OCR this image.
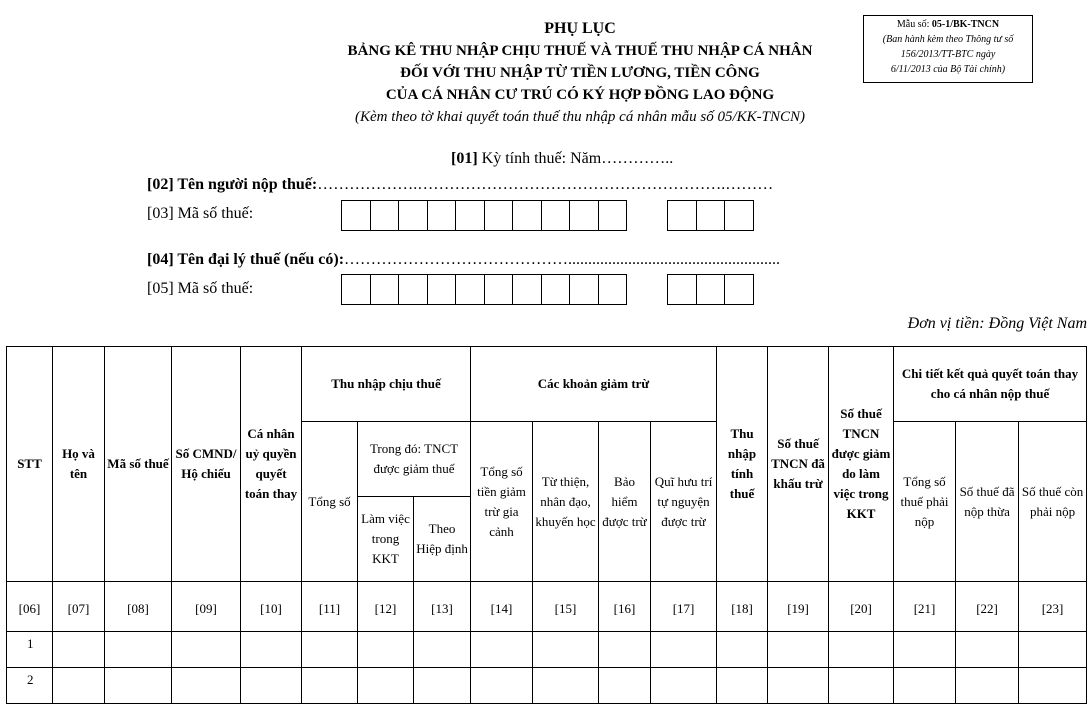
Mẫu số: 05-1/BK-TNCN
(Ban hành kèm theo Thông tư số
156/2013/TT-BTC ngày
6/11/2013 của Bộ Tài chính)
PHỤ LỤC
BẢNG KÊ THU NHẬP CHỊU THUẾ VÀ THUẾ THU NHẬP CÁ NHÂN
ĐỐI VỚI THU NHẬP TỪ TIỀN LƯƠNG, TIỀN CÔNG
CỦA CÁ NHÂN CƯ TRÚ CÓ KÝ HỢP ĐỒNG LAO ĐỘNG
(Kèm theo tờ khai quyết toán thuế thu nhập cá nhân mẫu số 05/KK-TNCN)
[01] Kỳ tính thuế: Năm…………..
[02] Tên người nộp thuế:……………….………………………………………………….………
[03] Mã số thuế:
[04] Tên đại lý thuế (nếu có):…………………………………….....................................................
[05] Mã số thuế:
Đơn vị tiền: Đồng Việt Nam
STT	Họ và tên	Mã số thuế	Số CMND/ Hộ chiếu	Cá nhân uỷ quyền quyết toán thay	Thu nhập chịu thuế			Các khoản giảm trừ				Thu nhập tính thuế	Số thuế TNCN đã khấu trừ	Số thuế TNCN được giảm do làm việc trong KKT	Chi tiết kết quả quyết toán thay cho cá nhân nộp thuế		
					Tổng số	Trong đó: TNCT được giảm thuế		Tổng số tiền giảm trừ gia cảnh	Từ thiện, nhân đạo, khuyến học	Bảo hiểm được trừ	Quĩ hưu trí tự nguyện được trừ				Tổng số thuế phải nộp	Số thuế đã nộp thừa	Số thuế còn phải nộp
						Làm việc trong KKT	Theo Hiệp định										
[06]	[07]	[08]	[09]	[10]	[11]	[12]	[13]	[14]	[15]	[16]	[17]	[18]	[19]	[20]	[21]	[22]	[23]
1																	
2																	
